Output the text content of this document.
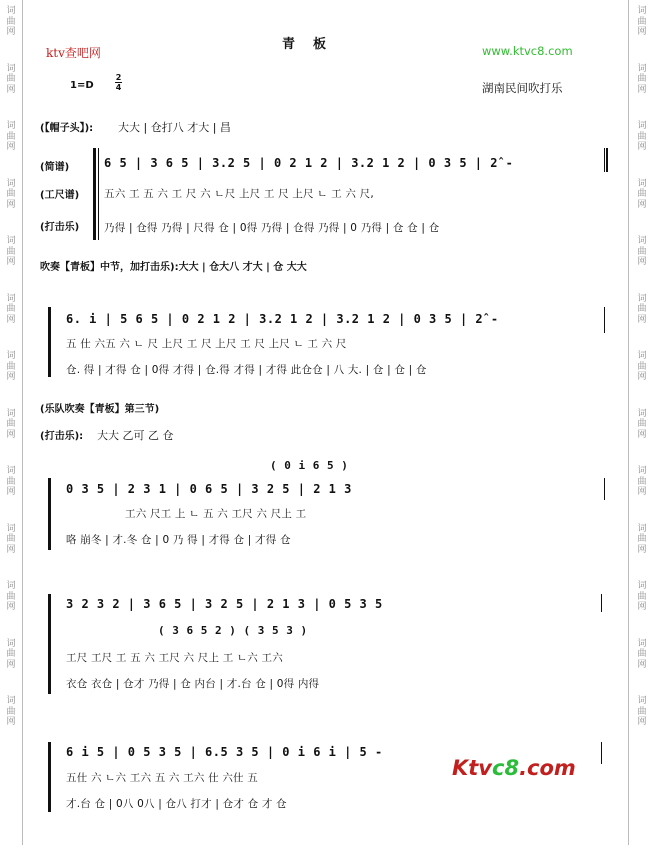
词曲网
词曲网
词曲网
词曲网
词曲网
词曲网
词曲网
词曲网
词曲网
词曲网
词曲网
词曲网
词曲网
词曲网
词曲网
词曲网
词曲网
词曲网
词曲网
词曲网
词曲网
词曲网
词曲网
词曲网
词曲网
词曲网
青板
ktv查吧网	www.ktvc8.com
1=D
2
4	湖南民间吹打乐
(【帽子头】): 大大 | 仓打八 才大 | 昌
(简谱)
(工尺谱)
(打击乐)
6 5 | 3 6 5 | 3.2 5 | 0 2 1 2 | 3.2 1 2 | 0 3 5 | 2̂ -
五六 工 五 六 工 尺 六 ㄴ尺 上尺 工 尺 上尺 ㄴ 工 六 尺,
乃得 | 仓得 乃得 | 尺得 仓 | 0得 乃得 | 仓得 乃得 | 0 乃得 | 仓 仓 | 仓
吹奏【青板】中节，加打击乐):大大 | 仓大八 才大 | 仓 大大
6. i | 5 6 5 | 0 2 1 2 | 3.2 1 2 | 3.2 1 2 | 0 3 5 | 2̂ -
五 仕 六五 六 ㄴ 尺 上尺 工 尺 上尺 工 尺 上尺 ㄴ 工 六 尺
仓. 得 | 才得 仓 | 0得 才得 | 仓.得 才得 | 才得 此仓仓 | 八 大. | 仓 | 仓 | 仓
(乐队吹奏【青板】第三节)
(打击乐): 大大 乙可 乙 仓
( 0 i 6 5 )
0 3 5 | 2 3 1 | 0 6 5 | 3 2 5 | 2 1 3
工六 尺工 上 ㄴ 五 六 工尺 六 尺上 工
咯 崩冬 | 才.冬 仓 | 0 乃 得 | 才得 仓 | 才得 仓
3 2 3 2 | 3 6 5 | 3 2 5 | 2 1 3 | 0 5 3 5
( 3 6 5 2 ) ( 3 5 3 )
工尺 工尺 工 五 六 工尺 六 尺上 工 ㄴ六 工六
衣仓 衣仓 | 仓才 乃得 | 仓 内台 | 才.台 仓 | 0得 内得
6 i 5 | 0 5 3 5 | 6.5 3 5 | 0 i 6 i | 5 -
五仕 六 ㄴ六 工六 五 六 工六 仕 六仕 五
才.台 仓 | 0八 0八 | 仓八 打才 | 仓才 仓 才 仓
Ktvc8.com
